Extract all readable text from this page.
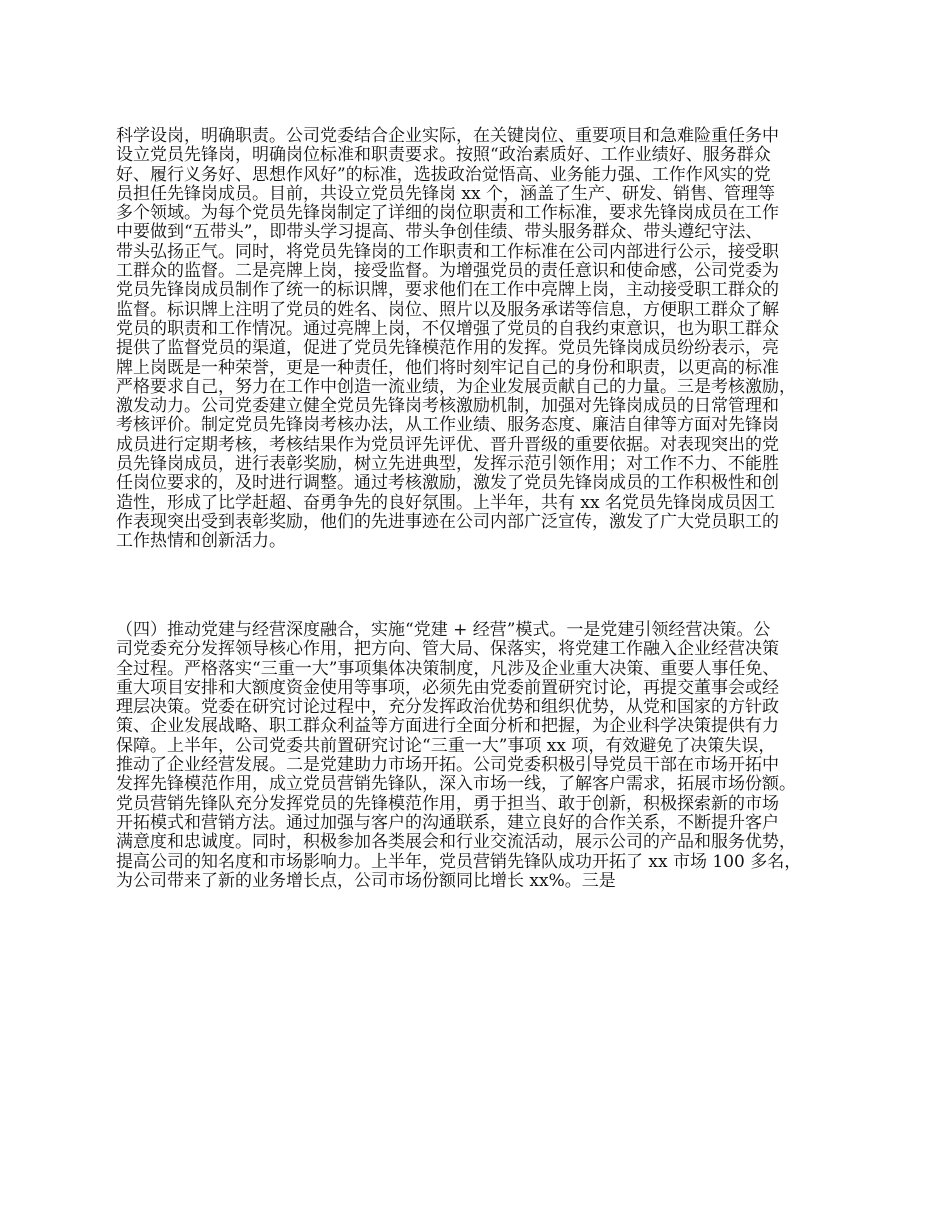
科学设岗，明确职责。公司党委结合企业实际，在关键岗位、重要项目和急难险重任务中
设立党员先锋岗，明确岗位标准和职责要求。按照“政治素质好、工作业绩好、服务群众
好、履行义务好、思想作风好”的标准，选拔政治觉悟高、业务能力强、工作作风实的党
员担任先锋岗成员。目前，共设立党员先锋岗 xx 个，涵盖了生产、研发、销售、管理等
多个领域。为每个党员先锋岗制定了详细的岗位职责和工作标准，要求先锋岗成员在工作
中要做到“五带头”，即带头学习提高、带头争创佳绩、带头服务群众、带头遵纪守法、
带头弘扬正气。同时，将党员先锋岗的工作职责和工作标准在公司内部进行公示，接受职
工群众的监督。二是亮牌上岗，接受监督。为增强党员的责任意识和使命感，公司党委为
党员先锋岗成员制作了统一的标识牌，要求他们在工作中亮牌上岗，主动接受职工群众的
监督。标识牌上注明了党员的姓名、岗位、照片以及服务承诺等信息，方便职工群众了解
党员的职责和工作情况。通过亮牌上岗，不仅增强了党员的自我约束意识，也为职工群众
提供了监督党员的渠道，促进了党员先锋模范作用的发挥。党员先锋岗成员纷纷表示，亮
牌上岗既是一种荣誉，更是一种责任，他们将时刻牢记自己的身份和职责，以更高的标准
严格要求自己，努力在工作中创造一流业绩，为企业发展贡献自己的力量。三是考核激励，
激发动力。公司党委建立健全党员先锋岗考核激励机制，加强对先锋岗成员的日常管理和
考核评价。制定党员先锋岗考核办法，从工作业绩、服务态度、廉洁自律等方面对先锋岗
成员进行定期考核，考核结果作为党员评先评优、晋升晋级的重要依据。对表现突出的党
员先锋岗成员，进行表彰奖励，树立先进典型，发挥示范引领作用；对工作不力、不能胜
任岗位要求的，及时进行调整。通过考核激励，激发了党员先锋岗成员的工作积极性和创
造性，形成了比学赶超、奋勇争先的良好氛围。上半年，共有 xx 名党员先锋岗成员因工
作表现突出受到表彰奖励，他们的先进事迹在公司内部广泛宣传，激发了广大党员职工的
工作热情和创新活力。
（四）推动党建与经营深度融合，实施“党建 + 经营”模式。一是党建引领经营决策。公
司党委充分发挥领导核心作用，把方向、管大局、保落实，将党建工作融入企业经营决策
全过程。严格落实“三重一大”事项集体决策制度，凡涉及企业重大决策、重要人事任免、
重大项目安排和大额度资金使用等事项，必须先由党委前置研究讨论，再提交董事会或经
理层决策。党委在研究讨论过程中，充分发挥政治优势和组织优势，从党和国家的方针政
策、企业发展战略、职工群众利益等方面进行全面分析和把握，为企业科学决策提供有力
保障。上半年，公司党委共前置研究讨论“三重一大”事项 xx 项，有效避免了决策失误，
推动了企业经营发展。二是党建助力市场开拓。公司党委积极引导党员干部在市场开拓中
发挥先锋模范作用，成立党员营销先锋队，深入市场一线，了解客户需求，拓展市场份额。
党员营销先锋队充分发挥党员的先锋模范作用，勇于担当、敢于创新，积极探索新的市场
开拓模式和营销方法。通过加强与客户的沟通联系，建立良好的合作关系，不断提升客户
满意度和忠诚度。同时，积极参加各类展会和行业交流活动，展示公司的产品和服务优势，
提高公司的知名度和市场影响力。上半年，党员营销先锋队成功开拓了 xx 市场 100 多名，
为公司带来了新的业务增长点，公司市场份额同比增长 xx%。三是
